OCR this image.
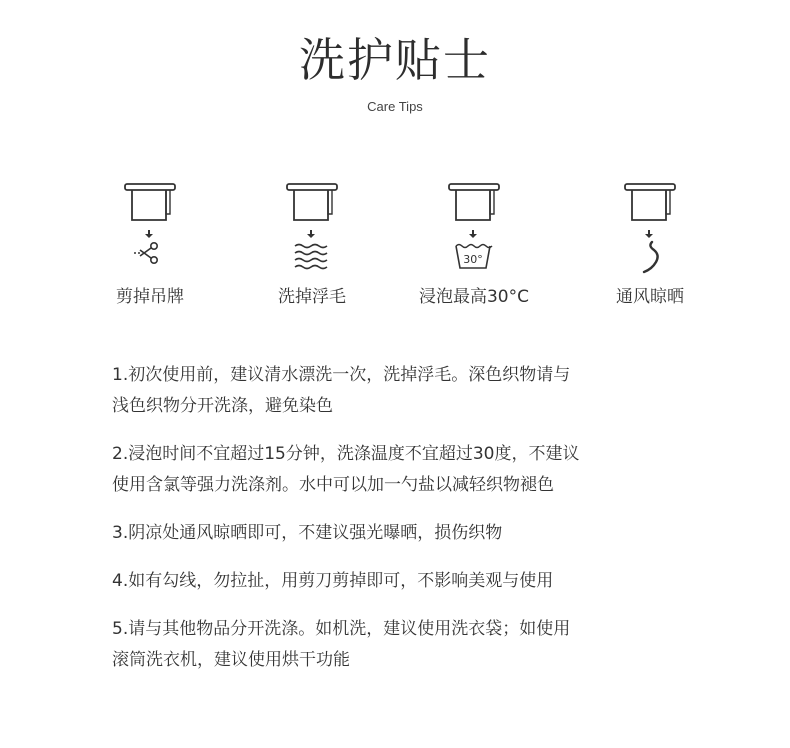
洗护贴士
Care Tips
剪掉吊牌	洗掉浮毛
30°
浸泡最高30°C	通风晾晒

1.初次使用前，建议清水漂洗一次，洗掉浮毛。深色织物请与

浅色织物分开洗涤，避免染色

2.浸泡时间不宜超过15分钟，洗涤温度不宜超过30度，不建议

使用含氯等强力洗涤剂。水中可以加一勺盐以减轻织物褪色

3.阴凉处通风晾晒即可，不建议强光曝晒，损伤织物

4.如有勾线，勿拉扯，用剪刀剪掉即可，不影响美观与使用

5.请与其他物品分开洗涤。如机洗，建议使用洗衣袋；如使用

滚筒洗衣机，建议使用烘干功能
